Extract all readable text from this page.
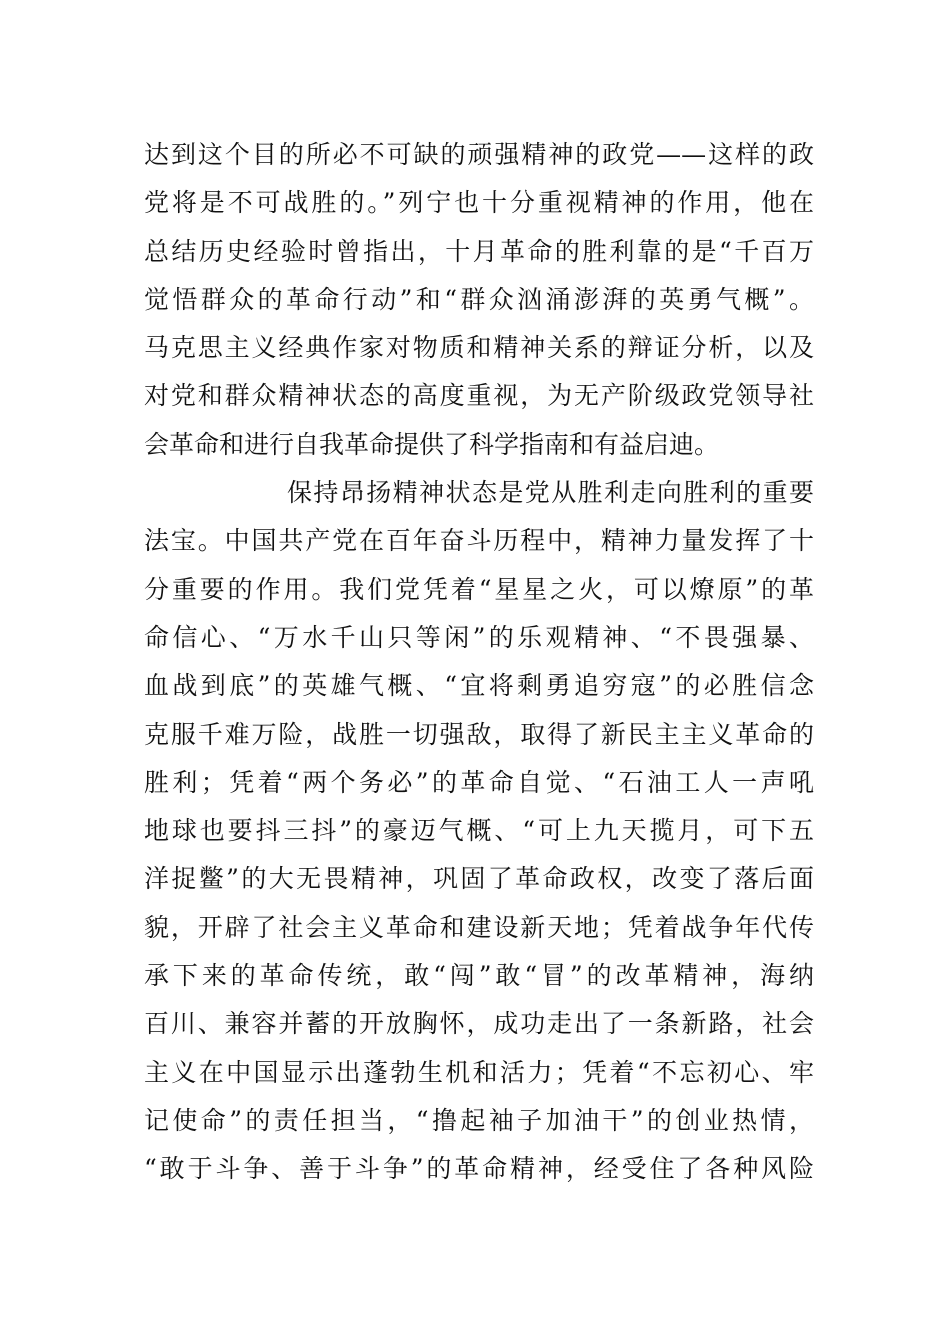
达到这个目的所必不可缺的顽强精神的政党——这样的政
党将是不可战胜的。”列宁也十分重视精神的作用，他在
总结历史经验时曾指出，十月革命的胜利靠的是“千百万
觉悟群众的革命行动”和“群众汹涌澎湃的英勇气概”。
马克思主义经典作家对物质和精神关系的辩证分析，以及
对党和群众精神状态的高度重视，为无产阶级政党领导社
会革命和进行自我革命提供了科学指南和有益启迪。
保持昂扬精神状态是党从胜利走向胜利的重要
法宝。中国共产党在百年奋斗历程中，精神力量发挥了十
分重要的作用。我们党凭着“星星之火，可以燎原”的革
命信心、“万水千山只等闲”的乐观精神、“不畏强暴、
血战到底”的英雄气概、“宜将剩勇追穷寇”的必胜信念
克服千难万险，战胜一切强敌，取得了新民主主义革命的
胜利；凭着“两个务必”的革命自觉、“石油工人一声吼
地球也要抖三抖”的豪迈气概、“可上九天揽月，可下五
洋捉鳖”的大无畏精神，巩固了革命政权，改变了落后面
貌，开辟了社会主义革命和建设新天地；凭着战争年代传
承下来的革命传统，敢“闯”敢“冒”的改革精神，海纳
百川、兼容并蓄的开放胸怀，成功走出了一条新路，社会
主义在中国显示出蓬勃生机和活力；凭着“不忘初心、牢
记使命”的责任担当，“撸起袖子加油干”的创业热情，
“敢于斗争、善于斗争”的革命精神，经受住了各种风险
